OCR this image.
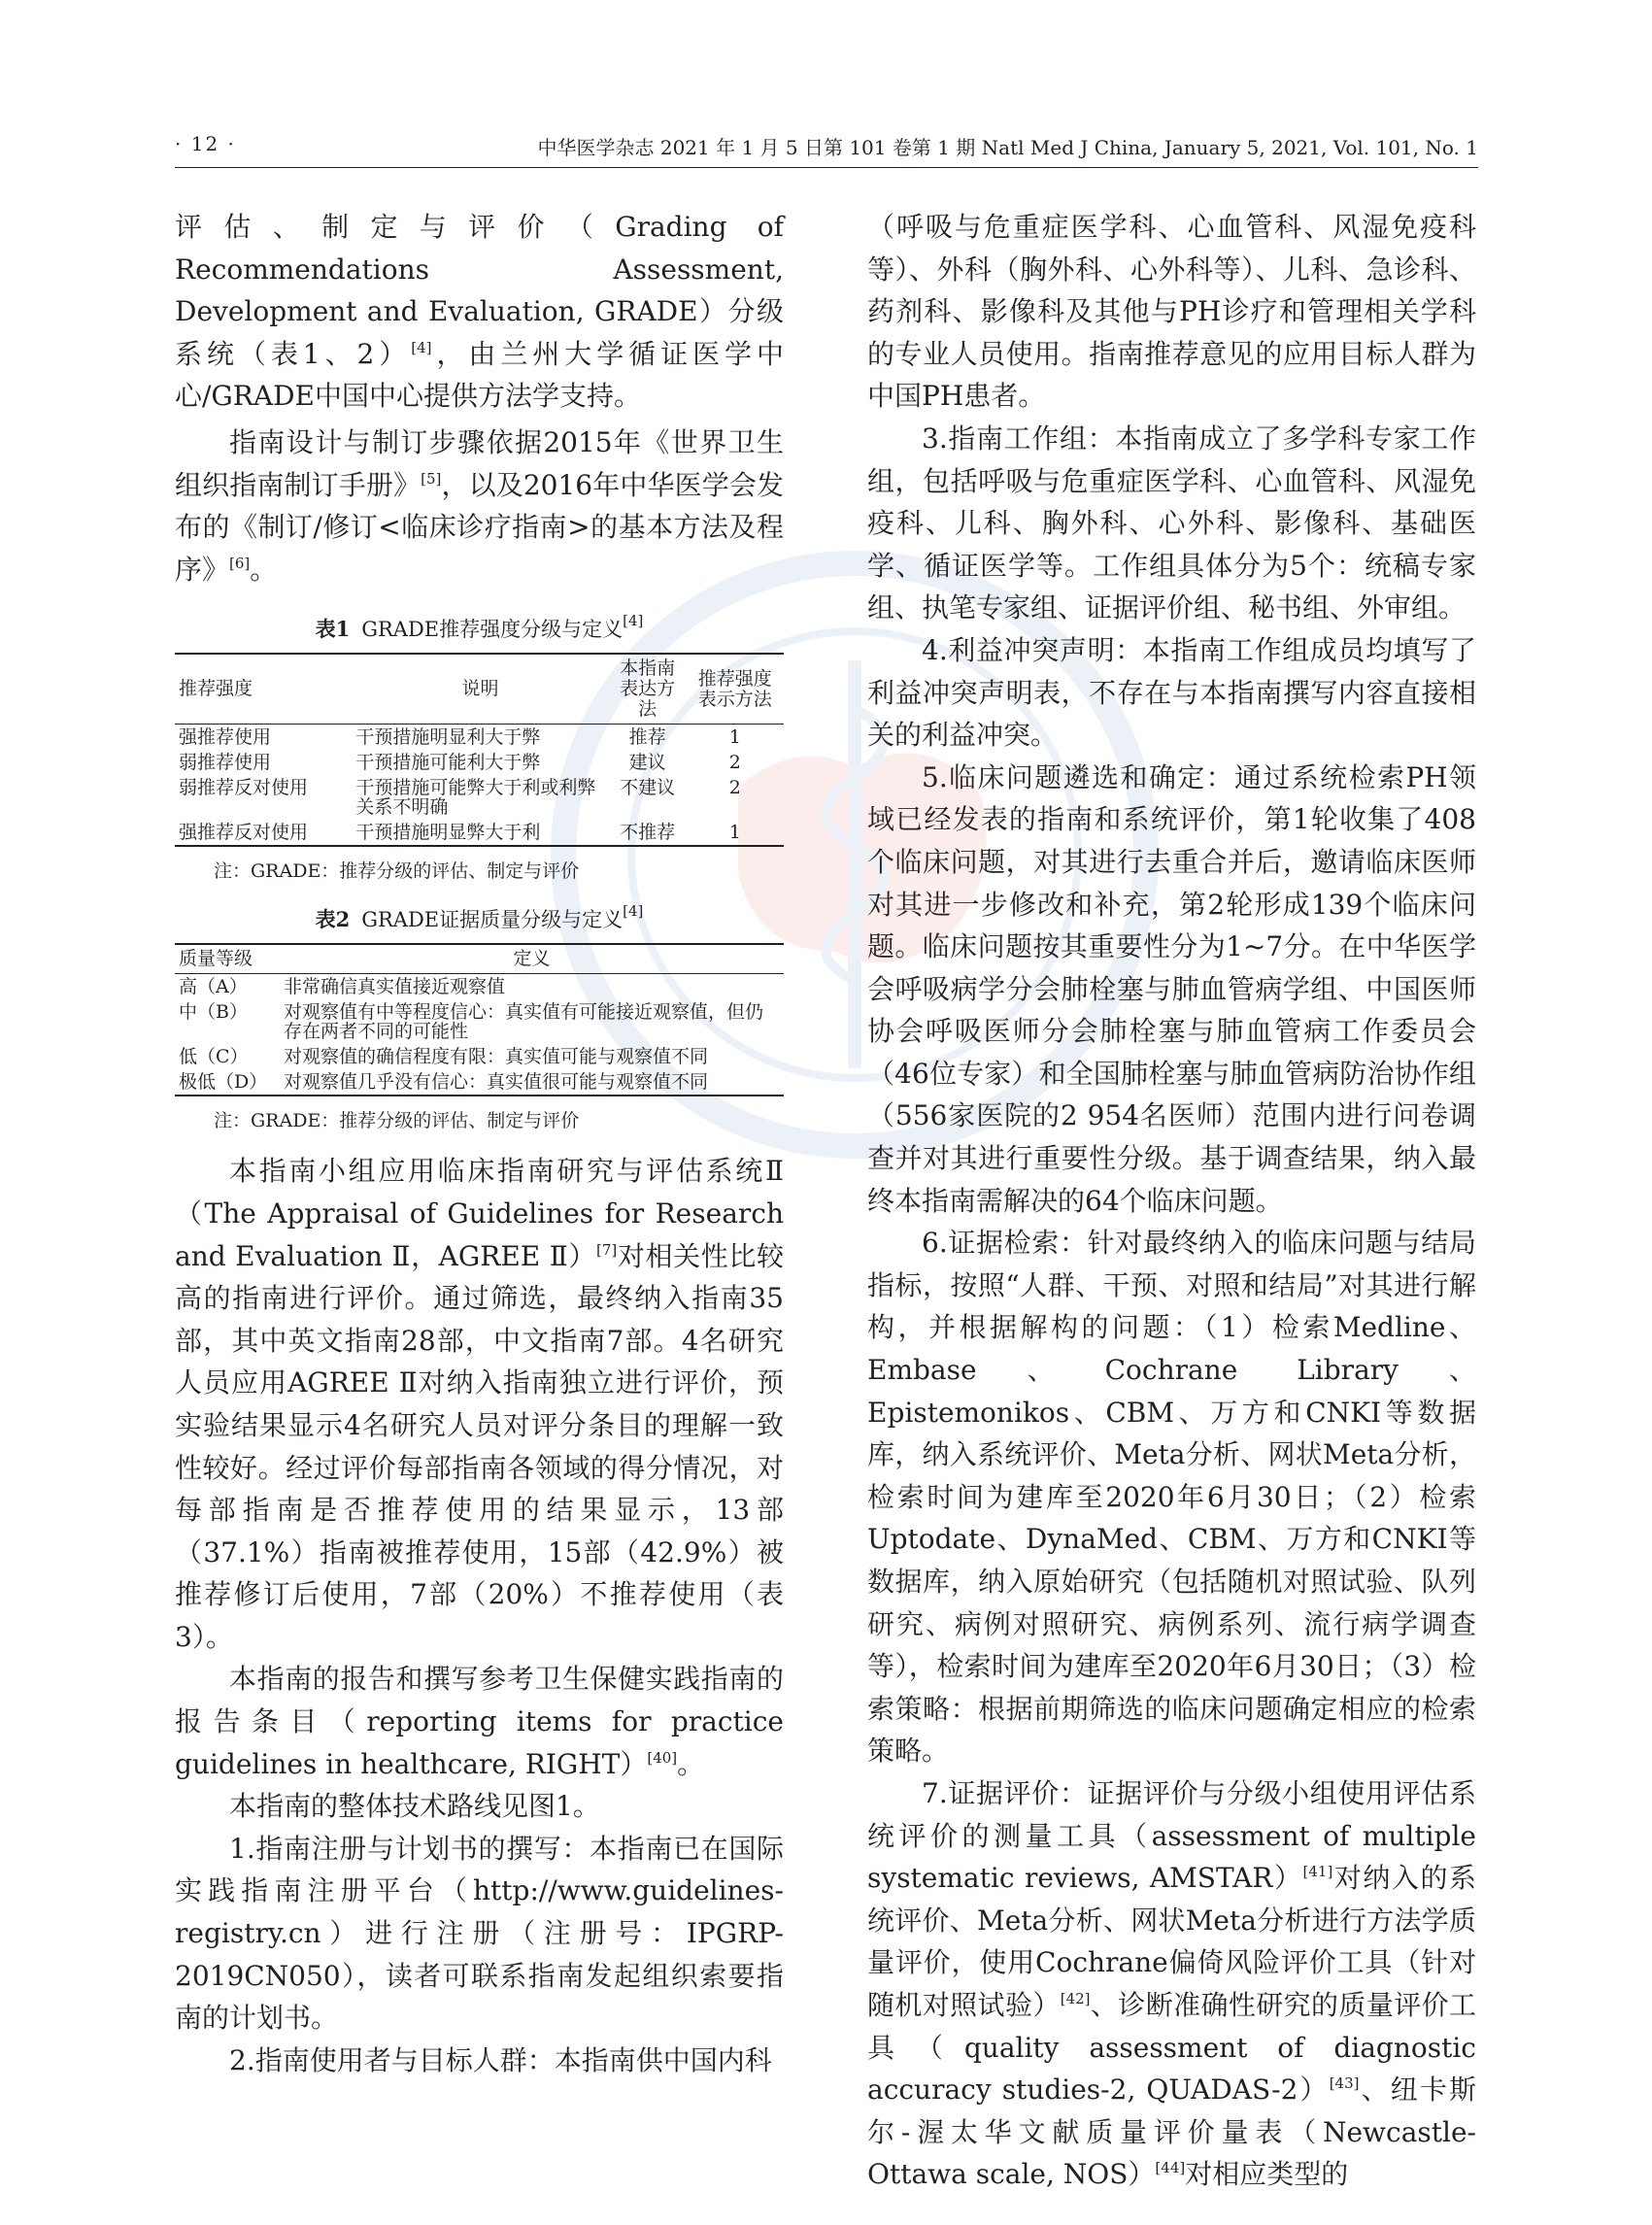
· 12 ·	中华医学杂志 2021 年 1 月 5 日第 101 卷第 1 期 Natl Med J China, January 5, 2021, Vol. 101, No. 1

评估、制定与评价（Grading of Recommendations Assessment, Development and Evaluation, GRADE）分级系统（表1、2）[4]，由兰州大学循证医学中心/GRADE中国中心提供方法学支持。

指南设计与制订步骤依据2015年《世界卫生组织指南制订手册》[5]，以及2016年中华医学会发布的《制订/修订<临床诊疗指南>的基本方法及程序》[6]。

表1 GRADE推荐强度分级与定义[4]

推荐强度	说明	本指南表达方法	推荐强度表示方法
强推荐使用	干预措施明显利大于弊	推荐	1
弱推荐使用	干预措施可能利大于弊	建议	2
弱推荐反对使用	干预措施可能弊大于利或利弊关系不明确	不建议	2
强推荐反对使用	干预措施明显弊大于利	不推荐	1

注：GRADE：推荐分级的评估、制定与评价

表2 GRADE证据质量分级与定义[4]

质量等级	定义
高（A）	非常确信真实值接近观察值
中（B）	对观察值有中等程度信心：真实值有可能接近观察值，但仍存在两者不同的可能性
低（C）	对观察值的确信程度有限：真实值可能与观察值不同
极低（D）	对观察值几乎没有信心：真实值很可能与观察值不同

注：GRADE：推荐分级的评估、制定与评价

本指南小组应用临床指南研究与评估系统Ⅱ（The Appraisal of Guidelines for Research and Evaluation Ⅱ，AGREE Ⅱ）[7]对相关性比较高的指南进行评价。通过筛选，最终纳入指南35部，其中英文指南28部，中文指南7部。4名研究人员应用AGREE Ⅱ对纳入指南独立进行评价，预实验结果显示4名研究人员对评分条目的理解一致性较好。经过评价每部指南各领域的得分情况，对每部指南是否推荐使用的结果显示，13部（37.1%）指南被推荐使用，15部（42.9%）被推荐修订后使用，7部（20%）不推荐使用（表3）。

本指南的报告和撰写参考卫生保健实践指南的报告条目（reporting items for practice guidelines in healthcare, RIGHT）[40]。

本指南的整体技术路线见图1。

1.指南注册与计划书的撰写：本指南已在国际实践指南注册平台（http://www.guidelines-registry.cn）进行注册（注册号：IPGRP-2019CN050），读者可联系指南发起组织索要指南的计划书。

2.指南使用者与目标人群：本指南供中国内科

（呼吸与危重症医学科、心血管科、风湿免疫科等）、外科（胸外科、心外科等）、儿科、急诊科、药剂科、影像科及其他与PH诊疗和管理相关学科的专业人员使用。指南推荐意见的应用目标人群为中国PH患者。

3.指南工作组：本指南成立了多学科专家工作组，包括呼吸与危重症医学科、心血管科、风湿免疫科、儿科、胸外科、心外科、影像科、基础医学、循证医学等。工作组具体分为5个：统稿专家组、执笔专家组、证据评价组、秘书组、外审组。

4.利益冲突声明：本指南工作组成员均填写了利益冲突声明表，不存在与本指南撰写内容直接相关的利益冲突。

5.临床问题遴选和确定：通过系统检索PH领域已经发表的指南和系统评价，第1轮收集了408个临床问题，对其进行去重合并后，邀请临床医师对其进一步修改和补充，第2轮形成139个临床问题。临床问题按其重要性分为1~7分。在中华医学会呼吸病学分会肺栓塞与肺血管病学组、中国医师协会呼吸医师分会肺栓塞与肺血管病工作委员会（46位专家）和全国肺栓塞与肺血管病防治协作组（556家医院的2 954名医师）范围内进行问卷调查并对其进行重要性分级。基于调查结果，纳入最终本指南需解决的64个临床问题。

6.证据检索：针对最终纳入的临床问题与结局指标，按照“人群、干预、对照和结局”对其进行解构，并根据解构的问题：（1）检索Medline、Embase、Cochrane Library、Epistemonikos、CBM、万方和CNKI等数据库，纳入系统评价、Meta分析、网状Meta分析，检索时间为建库至2020年6月30日；（2）检索Uptodate、DynaMed、CBM、万方和CNKI等数据库，纳入原始研究（包括随机对照试验、队列研究、病例对照研究、病例系列、流行病学调查等），检索时间为建库至2020年6月30日；（3）检索策略：根据前期筛选的临床问题确定相应的检索策略。

7.证据评价：证据评价与分级小组使用评估系统评价的测量工具（assessment of multiple systematic reviews, AMSTAR）[41]对纳入的系统评价、Meta分析、网状Meta分析进行方法学质量评价，使用Cochrane偏倚风险评价工具（针对随机对照试验）[42]、诊断准确性研究的质量评价工具（quality assessment of diagnostic accuracy studies-2, QUADAS-2）[43]、纽卡斯尔-渥太华文献质量评价量表（Newcastle-Ottawa scale, NOS）[44]对相应类型的
